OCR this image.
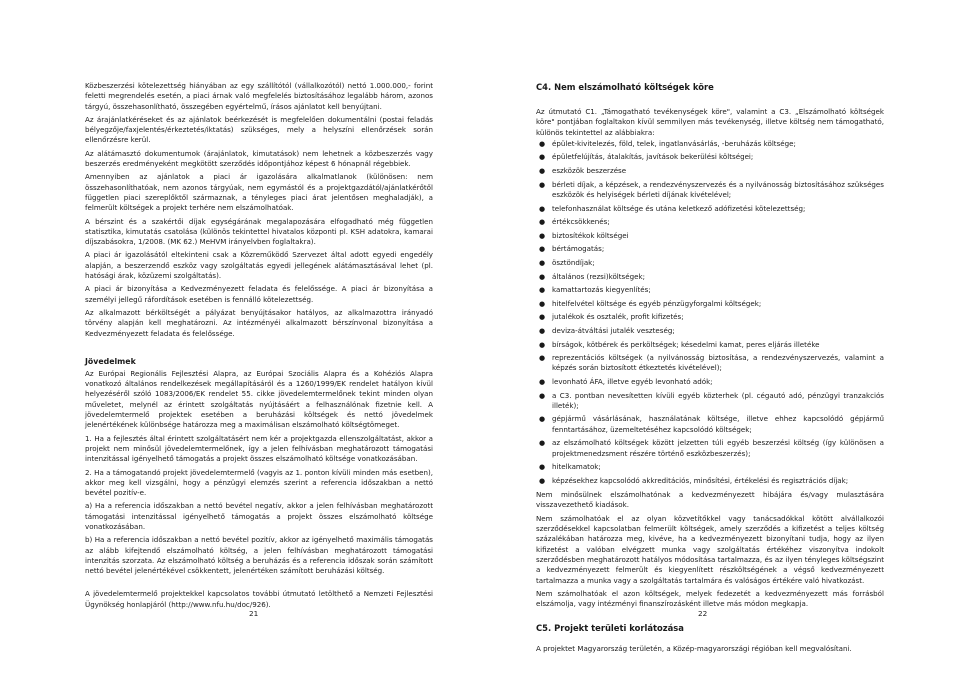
Közbeszerzési kötelezettség hiányában az egy szállítótól (vállalkozótól) nettó 1.000.000,- forint feletti megrendelés esetén, a piaci árnak való megfelelés biztosításához legalább három, azonos tárgyú, összehasonlítható, összegében egyértelmű, írásos ajánlatot kell benyújtani.

Az árajánlatkéréseket és az ajánlatok beérkezését is megfelelően dokumentálni (postai feladás bélyegzője/faxjelentés/érkeztetés/iktatás) szükséges, mely a helyszíni ellenőrzések során ellenőrzésre kerül.

Az alátámasztó dokumentumok (árajánlatok, kimutatások) nem lehetnek a közbeszerzés vagy beszerzés eredményeként megkötött szerződés időpontjához képest 6 hónapnál régebbiek.

Amennyiben az ajánlatok a piaci ár igazolására alkalmatlanok (különösen: nem összehasonlíthatóak, nem azonos tárgyúak, nem egymástól és a projektgazdától/ajánlatkérőtől független piaci szereplőktől származnak, a tényleges piaci árat jelentősen meghaladják), a felmerült költségek a projekt terhére nem elszámolhatóak.

A bérszint és a szakértői díjak egységárának megalapozására elfogadható még független statisztika, kimutatás csatolása (különös tekintettel hivatalos központi pl. KSH adatokra, kamarai díjszabásokra, 1/2008. (MK 62.) MeHVM irányelvben foglaltakra).

A piaci ár igazolásától eltekinteni csak a Közreműködő Szervezet által adott egyedi engedély alapján, a beszerzendő eszköz vagy szolgáltatás egyedi jellegének alátámasztásával lehet (pl. hatósági árak, közüzemi szolgáltatás).

A piaci ár bizonyítása a Kedvezményezett feladata és felelőssége. A piaci ár bizonyítása a személyi jellegű ráfordítások esetében is fennálló kötelezettség.

Az alkalmazott bérköltségét a pályázat benyújtásakor hatályos, az alkalmazottra irányadó törvény alapján kell meghatározni. Az intézményéi alkalmazott bérszínvonal bizonyítása a Kedvezményezett feladata és felelőssége.

Jövedelmek

Az Európai Regionális Fejlesztési Alapra, az Európai Szociális Alapra és a Kohéziós Alapra vonatkozó általános rendelkezések megállapításáról és a 1260/1999/EK rendelet hatályon kívül helyezéséről szóló 1083/2006/EK rendelet 55. cikke jövedelemtermelőnek tekint minden olyan műveletet, melynél az érintett szolgáltatás nyújtásáért a felhasználónak fizetnie kell. A jövedelemtermelő projektek esetében a beruházási költségek és nettó jövedelmek jelenértékének különbsége határozza meg a maximálisan elszámolható költségtömeget.

1. Ha a fejlesztés által érintett szolgáltatásért nem kér a projektgazda ellenszolgáltatást, akkor a projekt nem minősül jövedelemtermelőnek, így a jelen felhívásban meghatározott támogatási intenzitással igényelhető támogatás a projekt összes elszámolható költsége vonatkozásában.

2. Ha a támogatandó projekt jövedelemtermelő (vagyis az 1. ponton kívüli minden más esetben), akkor meg kell vizsgálni, hogy a pénzügyi elemzés szerint a referencia időszakban a nettó bevétel pozitív-e.

a) Ha a referencia időszakban a nettó bevétel negatív, akkor a jelen felhívásban meghatározott támogatási intenzitással igényelhető támogatás a projekt összes elszámolható költsége vonatkozásában.

b) Ha a referencia időszakban a nettó bevétel pozitív, akkor az igényelhető maximális támogatás az alább kifejtendő elszámolható költség, a jelen felhívásban meghatározott támogatási intenzitás szorzata. Az elszámolható költség a beruházás és a referencia időszak során számított nettó bevétel jelenértékével csökkentett, jelenértéken számított beruházási költség.

A jövedelemtermelő projektekkel kapcsolatos további útmutató letölthető a Nemzeti Fejlesztési Ügynökség honlapjáról (http://www.nfu.hu/doc/926).

21
C4. Nem elszámolható költségek köre

Az útmutató C1. „Támogatható tevékenységek köre", valamint a C3. „Elszámolható költségek köre" pontjában foglaltakon kívül semmilyen más tevékenység, illetve költség nem támogatható, különös tekintettel az alábbiakra:

● épület-kivitelezés, föld, telek, ingatlanvásárlás, -beruházás költsége;
● épületfelújítás, átalakítás, javítások bekerülési költségei;
● eszközök beszerzése
● bérleti díjak, a képzések, a rendezvényszervezés és a nyilvánosság biztosításához szükséges eszközök és helyiségek bérleti díjának kivételével;
● telefonhasználat költsége és utána keletkező adófizetési kötelezettség;
● értékcsökkenés;
● biztosítékok költségei
● bértámogatás;
● ösztöndíjak;
● általános (rezsi)költségek;
● kamattartozás kiegyenlítés;
● hitelfelvétel költsége és egyéb pénzügyforgalmi költségek;
● jutalékok és osztalék, profit kifizetés;
● deviza-átváltási jutalék veszteség;
● bírságok, kötbérek és perköltségek; késedelmi kamat, peres eljárás illetéke
● reprezentációs költségek (a nyilvánosság biztosítása, a rendezvényszervezés, valamint a képzés során biztosított étkeztetés kivételével);
● levonható ÁFA, illetve egyéb levonható adók;
● a C3. pontban nevesítetten kívüli egyéb közterhek (pl. cégautó adó, pénzügyi tranzakciós illeték);
● gépjármű vásárlásának, használatának költsége, illetve ehhez kapcsolódó gépjármű fenntartásához, üzemeltetéséhez kapcsolódó költségek;
● az elszámolható költségek között jelzetten túli egyéb beszerzési költség (így különösen a projektmenedzsment részére történő eszközbeszerzés);
● hitelkamatok;
● képzésekhez kapcsolódó akkreditációs, minősítési, értékelési és regisztrációs díjak;

Nem minősülnek elszámolhatónak a kedvezményezett hibájára és/vagy mulasztására visszavezethető kiadások.

Nem számolhatóak el az olyan közvetítőkkel vagy tanácsadókkal kötött alvállalkozói szerződésekkel kapcsolatban felmerült költségek, amely szerződés a kifizetést a teljes költség százalékában határozza meg, kivéve, ha a kedvezményezett bizonyítani tudja, hogy az ilyen kifizetést a valóban elvégzett munka vagy szolgáltatás értékéhez viszonyítva indokolt szerződésben meghatározott hatályos módosítása tartalmazza, és az ilyen tényleges költségszint a kedvezményezett felmerült és kiegyenlített részköltségének a végső kedvezményezett tartalmazza a munka vagy a szolgáltatás tartalmára és valóságos értékére való hivatkozást.

Nem számolhatóak el azon költségek, melyek fedezetét a kedvezményezett más forrásból elszámolja, vagy intézményi finanszírozásként illetve más módon megkapja.

C5. Projekt területi korlátozása

A projektet Magyarország területén, a Közép-magyarországi régióban kell megvalósítani.

22
